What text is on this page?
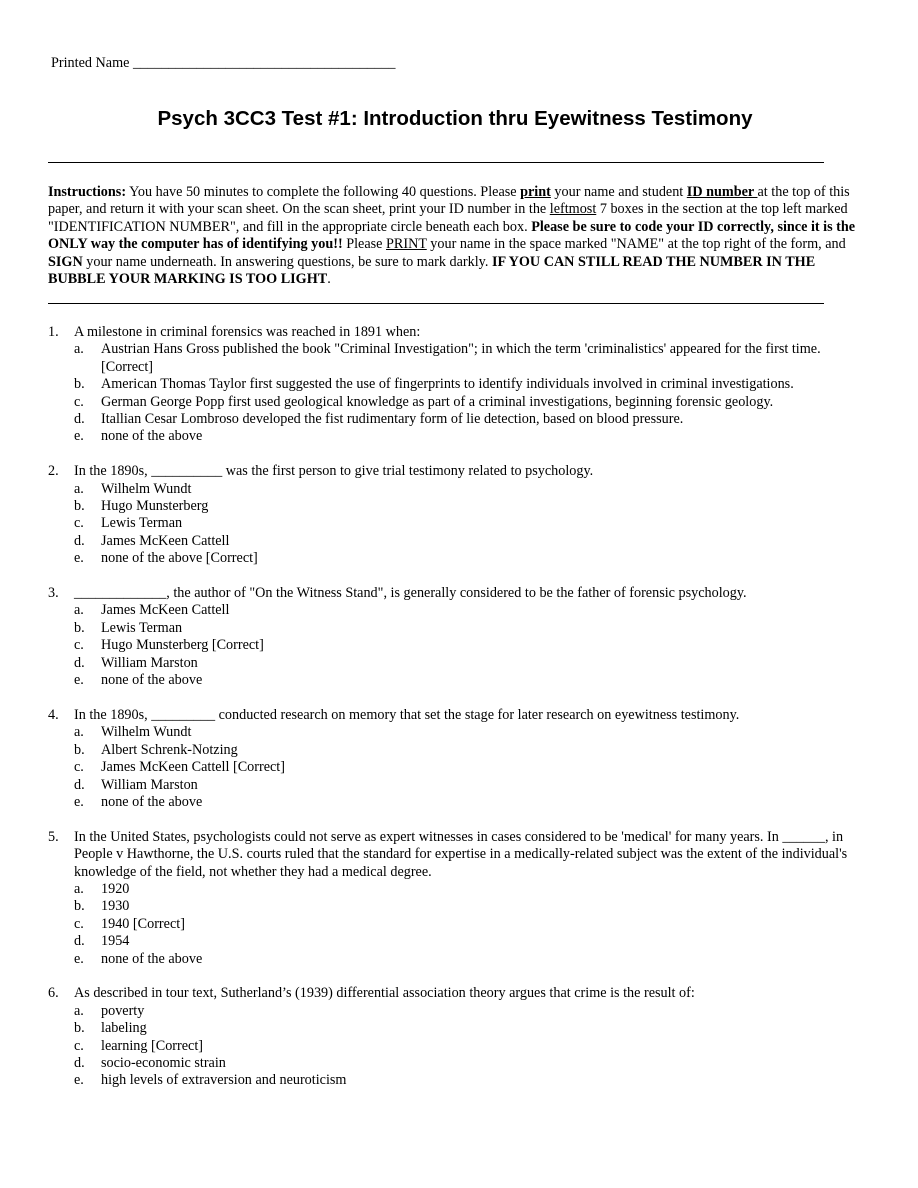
Printed Name _____________________________________
Psych 3CC3 Test #1: Introduction thru Eyewitness Testimony

Instructions: You have 50 minutes to complete the following 40 questions. Please print your name and student ID number at the top of this paper, and return it with your scan sheet. On the scan sheet, print your ID number in the leftmost 7 boxes in the section at the top left marked "IDENTIFICATION NUMBER", and fill in the appropriate circle beneath each box. Please be sure to code your ID correctly, since it is the ONLY way the computer has of identifying you!! Please PRINT your name in the space marked "NAME" at the top right of the form, and SIGN your name underneath. In answering questions, be sure to mark darkly. IF YOU CAN STILL READ THE NUMBER IN THE BUBBLE YOUR MARKING IS TOO LIGHT.

1.	A milestone in criminal forensics was reached in 1891 when:
a.	Austrian Hans Gross published the book "Criminal Investigation"; in which the term 'criminalistics' appeared for the first time. [Correct]
b.	American Thomas Taylor first suggested the use of fingerprints to identify individuals involved in criminal investigations.
c.	German George Popp first used geological knowledge as part of a criminal investigations, beginning forensic geology.
d.	Itallian Cesar Lombroso developed the fist rudimentary form of lie detection, based on blood pressure.
e.	none of the above
2.	In the 1890s, __________ was the first person to give trial testimony related to psychology.
a.	Wilhelm Wundt
b.	Hugo Munsterberg
c.	Lewis Terman
d.	James McKeen Cattell
e.	none of the above [Correct]
3.	_____________, the author of "On the Witness Stand", is generally considered to be the father of forensic psychology.
a.	James McKeen Cattell
b.	Lewis Terman
c.	Hugo Munsterberg [Correct]
d.	William Marston
e.	none of the above
4.	In the 1890s, _________ conducted research on memory that set the stage for later research on eyewitness testimony.
a.	Wilhelm Wundt
b.	Albert Schrenk-Notzing
c.	James McKeen Cattell [Correct]
d.	William Marston
e.	none of the above
5.	In the United States, psychologists could not serve as expert witnesses in cases considered to be 'medical' for many years. In ______, in People v Hawthorne, the U.S. courts ruled that the standard for expertise in a medically-related subject was the extent of the individual's knowledge of the field, not whether they had a medical degree.
a.	1920
b.	1930
c.	1940 [Correct]
d.	1954
e.	none of the above
6.	As described in tour text, Sutherland’s (1939) differential association theory argues that crime is the result of:
a.	poverty
b.	labeling
c.	learning [Correct]
d.	socio-economic strain
e.	high levels of extraversion and neuroticism
